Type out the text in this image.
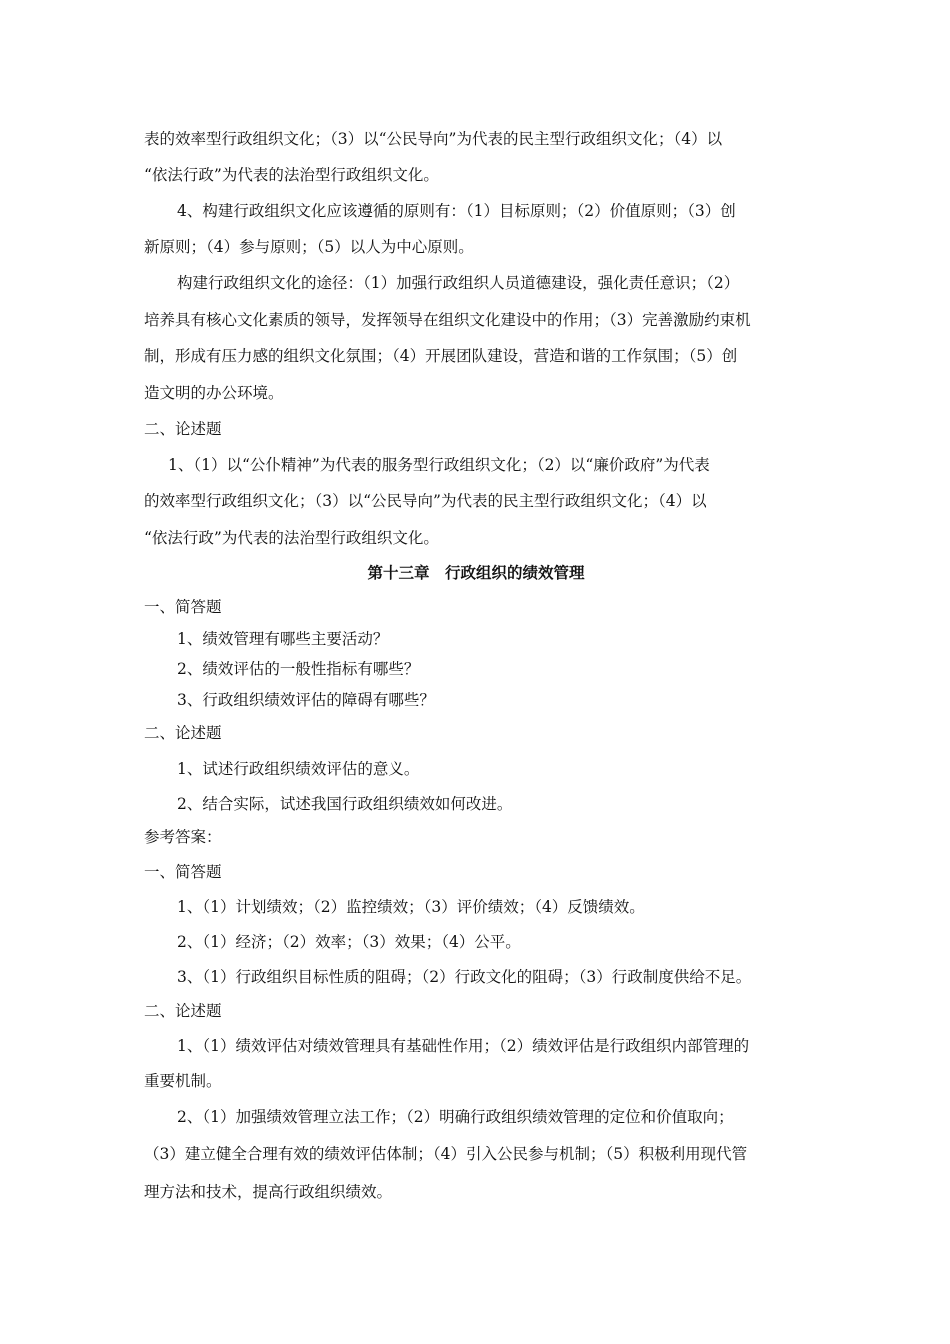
表的效率型行政组织文化；（3）以“公民导向”为代表的民主型行政组织文化；（4）以
“依法行政”为代表的法治型行政组织文化。
4、构建行政组织文化应该遵循的原则有：（1）目标原则；（2）价值原则；（3）创
新原则；（4）参与原则；（5）以人为中心原则。
构建行政组织文化的途径：（1）加强行政组织人员道德建设，强化责任意识；（2）
培养具有核心文化素质的领导，发挥领导在组织文化建设中的作用；（3）完善激励约束机
制，形成有压力感的组织文化氛围；（4）开展团队建设，营造和谐的工作氛围；（5）创
造文明的办公环境。
二、论述题
1、（1）以“公仆精神”为代表的服务型行政组织文化；（2）以“廉价政府”为代表
的效率型行政组织文化；（3）以“公民导向”为代表的民主型行政组织文化；（4）以
“依法行政”为代表的法治型行政组织文化。
第十三章　行政组织的绩效管理
一、简答题
1、绩效管理有哪些主要活动？
2、绩效评估的一般性指标有哪些？
3、行政组织绩效评估的障碍有哪些？
二、论述题
1、试述行政组织绩效评估的意义。
2、结合实际，试述我国行政组织绩效如何改进。
参考答案：
一、简答题
1、（1）计划绩效；（2）监控绩效；（3）评价绩效；（4）反馈绩效。
2、（1）经济；（2）效率；（3）效果；（4）公平。
3、（1）行政组织目标性质的阻碍；（2）行政文化的阻碍；（3）行政制度供给不足。
二、论述题
1、（1）绩效评估对绩效管理具有基础性作用；（2）绩效评估是行政组织内部管理的
重要机制。
2、（1）加强绩效管理立法工作；（2）明确行政组织绩效管理的定位和价值取向；
（3）建立健全合理有效的绩效评估体制；（4）引入公民参与机制；（5）积极利用现代管
理方法和技术，提高行政组织绩效。
